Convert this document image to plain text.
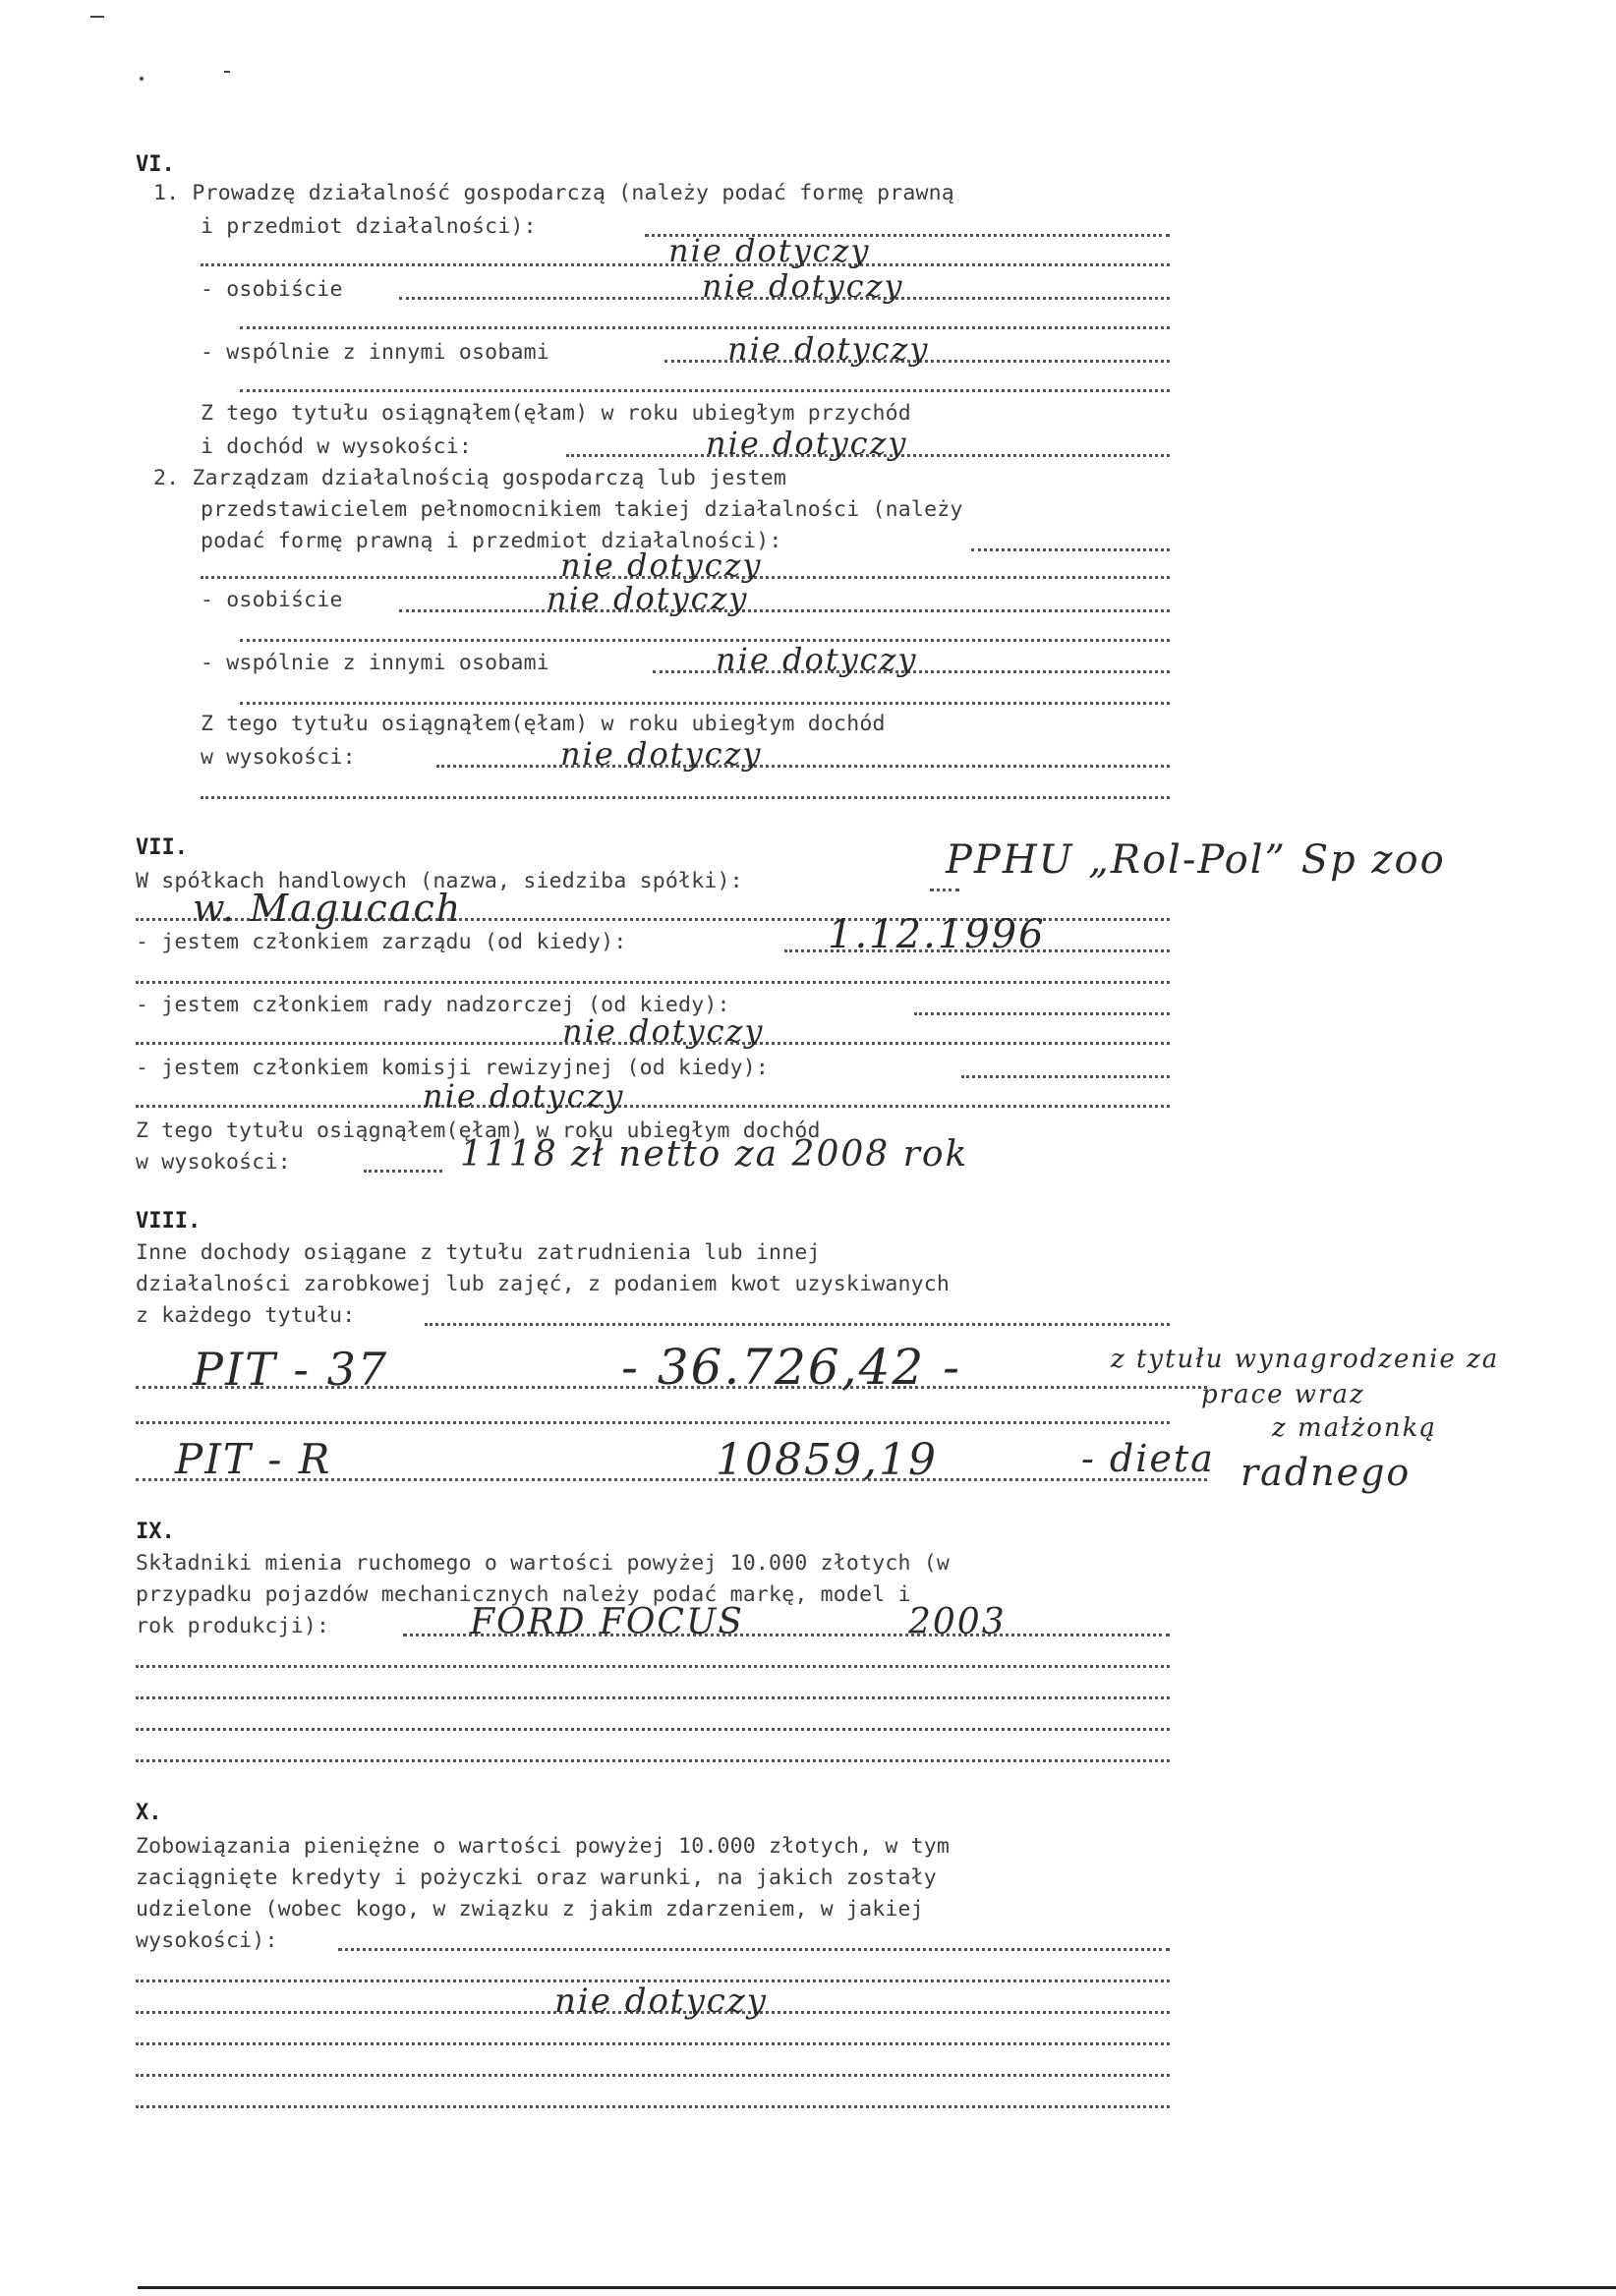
VI.
1. Prowadzę działalność gospodarczą (należy podać formę prawną
i przedmiot działalności):
nie dotyczy
- osobiście	nie dotyczy
- wspólnie z innymi osobami	nie dotyczy
Z tego tytułu osiągnąłem(ęłam) w roku ubiegłym przychód
i dochód w wysokości:	nie dotyczy
2. Zarządzam działalnością gospodarczą lub jestem
przedstawicielem pełnomocnikiem takiej działalności (należy
podać formę prawną i przedmiot działalności):
nie dotyczy
- osobiście	nie dotyczy
- wspólnie z innymi osobami	nie dotyczy
Z tego tytułu osiągnąłem(ęłam) w roku ubiegłym dochód
w wysokości:	nie dotyczy
VII.
W spółkach handlowych (nazwa, siedziba spółki):	PPHU „Rol-Pol” Sp zoo
w. Magucach
- jestem członkiem zarządu (od kiedy):	1.12.1996
- jestem członkiem rady nadzorczej (od kiedy):
nie dotyczy
- jestem członkiem komisji rewizyjnej (od kiedy):
nie dotyczy
Z tego tytułu osiągnąłem(ęłam) w roku ubiegłym dochód
w wysokości:	1118 zł netto za 2008 rok
VIII.
Inne dochody osiągane z tytułu zatrudnienia lub innej
działalności zarobkowej lub zajęć, z podaniem kwot uzyskiwanych
z każdego tytułu:
PIT - 37	- 36.726,42 -	z tytułu wynagrodzenie za
prace wraz
z małżonką
PIT - R	10859,19	- dieta radnego
IX.
Składniki mienia ruchomego o wartości powyżej 10.000 złotych (w
przypadku pojazdów mechanicznych należy podać markę, model i
rok produkcji):	FORD FOCUS	2003
X.
Zobowiązania pieniężne o wartości powyżej 10.000 złotych, w tym
zaciągnięte kredyty i pożyczki oraz warunki, na jakich zostały
udzielone (wobec kogo, w związku z jakim zdarzeniem, w jakiej
wysokości):
nie dotyczy
